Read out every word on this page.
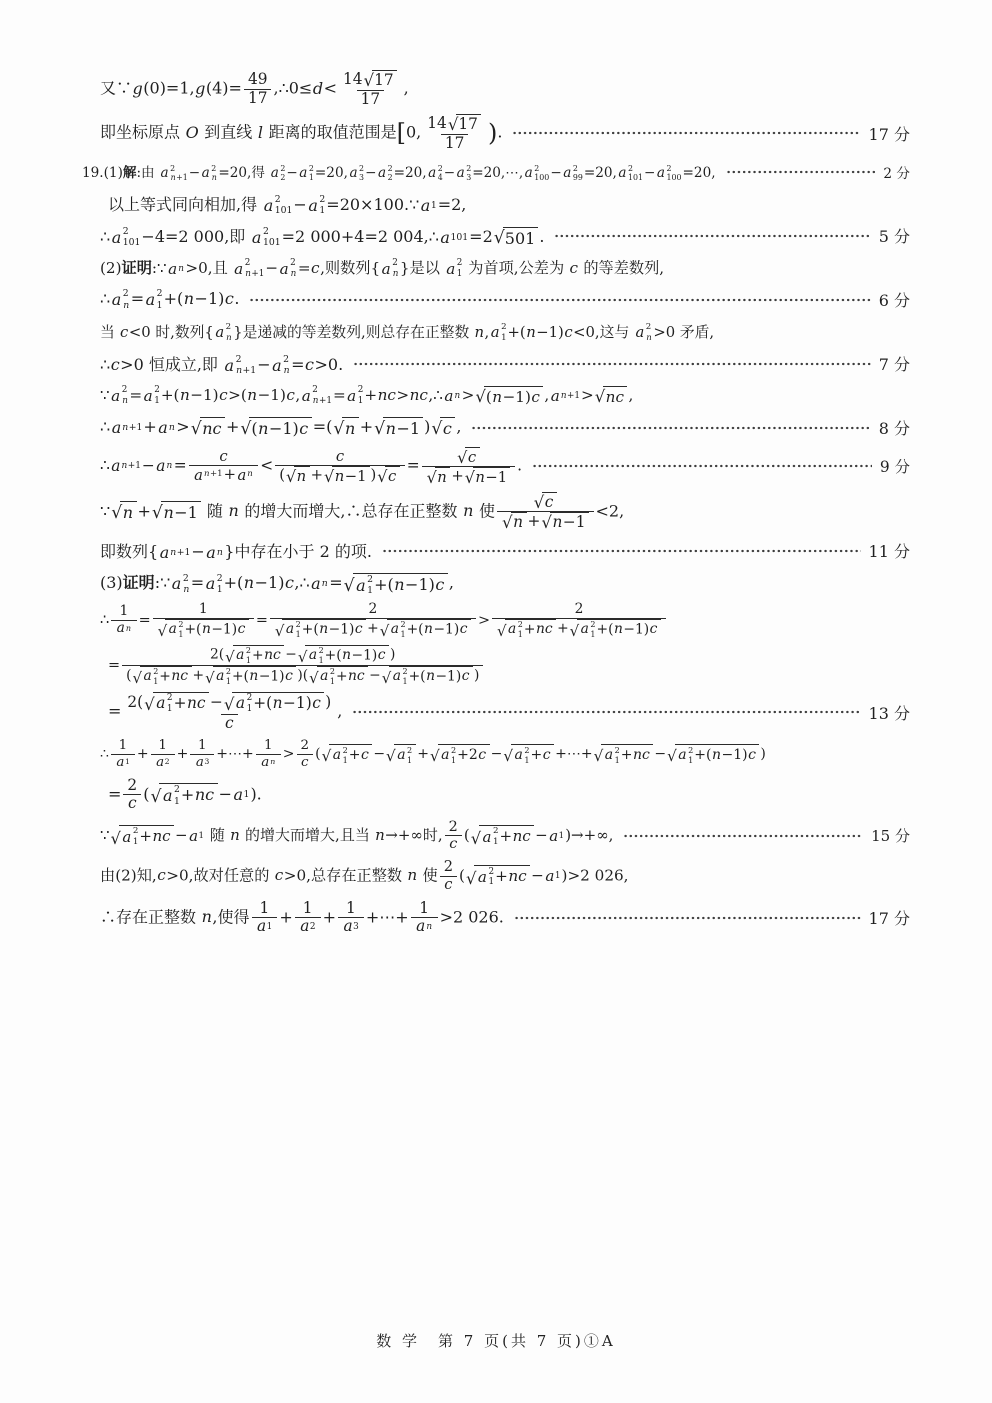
又∵g(0)=1,g(4)= $\frac{49}{17}$ ,∴0≤d< $\frac{14 √ 17}{17}$ ,
即坐标原点 O 到直线 l 距离的取值范围是[0, $\frac{14 √ 17}{17}$ ).	17 分
19.(1)解:由 a 2
n+1 − a 2
n =20,得 a 2
2 − a 2
1 =20, a 2
3 − a 2
2 =20, a 2
4 − a 2
3 =20,⋯, a 2
100 − a 2
99 =20, a 2
101 − a 2
100 =20,	2 分
以上等式同向相加,得 a 2
101 − a 2
1 =20×100.∵ a 1 =2,
∴ a 2
101 −4=2 000,即 a 2
101 =2 000+4=2 004,∴ a 101 =2 √ 501 .	5 分
(2)证明:∵ a n >0,且 a 2
n+1 − a 2
n =c,则数列{ a 2
n }是以 a 2
1 为首项,公差为 c 的等差数列,
∴ a 2
n = a 2
1 +(n−1)c.	6 分
当 c<0 时,数列{ a 2
n }是递减的等差数列,则总存在正整数 n, a 2
1 +(n−1)c<0,这与 a 2
n >0 矛盾,
∴c>0 恒成立,即 a 2
n+1 − a 2
n =c>0.	7 分
∵ a 2
n = a 2
1 +(n−1)c>(n−1)c, a 2
n+1 = a 2
1 +nc>nc,∴ a n > √ (n−1)c , a n+1 > √ nc ,
∴ a n+1 + a n > √ nc + √ (n−1)c =( √ n + √ n−1 ) √ c ,	8 分
∴ a n+1 − a $n = \frac{c}{\text{a n+1 + a n}} < \frac{c}{( √ n + √ n-1 ) √ c} = \frac{√ c}{√ n + √ n-1}$ .	9 分
∵ √ n + √ n−1 随 n 的增大而增大,∴总存在正整数 n 使 $\frac{√ c}{√ n + √ n-1} <2$,
即数列{ a n+1 − a n }中存在小于 2 的项.	11 分
(3)证明:∵ a 2
n = a 2
1 +(n−1)c,∴ a n = √ a 2
1 +(n−1)c ,
∴ $\frac{1}{\text{a n}} = 1$
√ a 2
1 +(n−1)c = 2
√ a 2
1 +(n−1)c + √ a 2
1 +(n−1)c > 2
√ a 2
1 +nc + √ a 2
1 +(n−1)c
= 2( √ a 2
1 +nc − √ a 2
1 +(n−1)c )
( √ a 2
1 +nc + √ a 2
1 +(n−1)c )( √ a 2
1 +nc − √ a 2
1 +(n−1)c )
= 2( √ a 2
1 +nc − √ a 2
1 +(n−1)c )
c ,	13 分
∴ $\frac{1}{a 1} + \frac{1}{a 2} + \frac{1}{a 3}$ +⋯+ $\frac{1}{\text{a n}} > \frac{2}{c}$ ( √ a 2
1 +c − √ a 2
1 + √ a 2
1 +2c − √ a 2
1 +c +⋯+ √ a 2
1 +nc − √ a 2
1 +(n−1)c )
= $\frac{2}{c}$ ( √ a 2
1 +nc − a 1 ).
∵ √ a 2
1 +nc − a 1 随 n 的增大而增大,且当 n→+∞时, $\frac{2}{c}$ ( √ a 2
1 +nc − a 1 )→+∞,	15 分
由(2)知,c>0,故对任意的 c>0,总存在正整数 n 使 $\frac{2}{c}$ ( √ a 2
1 +nc − a 1 )>2 026,
∴存在正整数 n,使得 $\frac{1}{a 1} + \frac{1}{a 2} + \frac{1}{a 3}$ +⋯+ $\frac{1}{\text{a n}} >2$ 026.	17 分
数 学　第 7 页(共 7 页)①A
